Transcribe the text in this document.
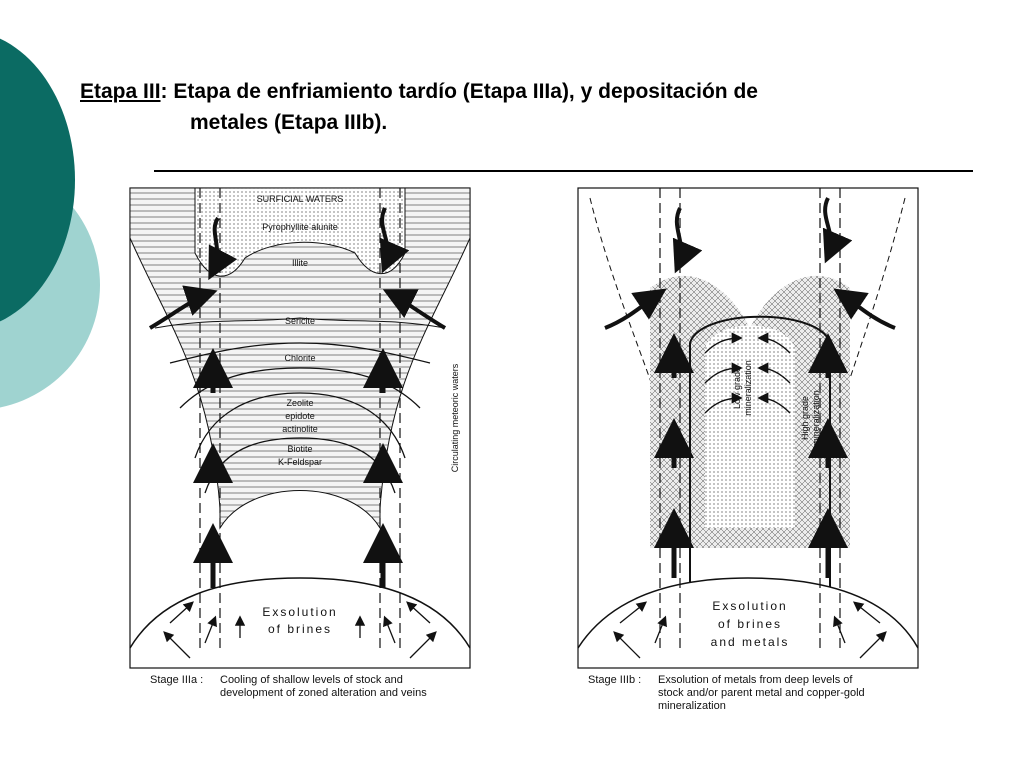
Etapa III: Etapa de enfriamiento tardío (Etapa IIIa), y depositación de
metales (Etapa IIIb).
SURFICIAL WATERS
Pyrophyllite alunite
Illite
Sericite
Chlorite
Zeolite
epidote
actinolite
Biotite
K-Feldspar	Circulating meteoric waters
Exsolution
of brines
Stage IIIa : Cooling of shallow levels of stock and
development of zoned alteration and veins
Low grade mineralization
High grade mineralization
Exsolution
of brines
and metals
Stage IIIb : Exsolution of metals from deep levels of
stock and/or parent metal and copper-gold
mineralization
